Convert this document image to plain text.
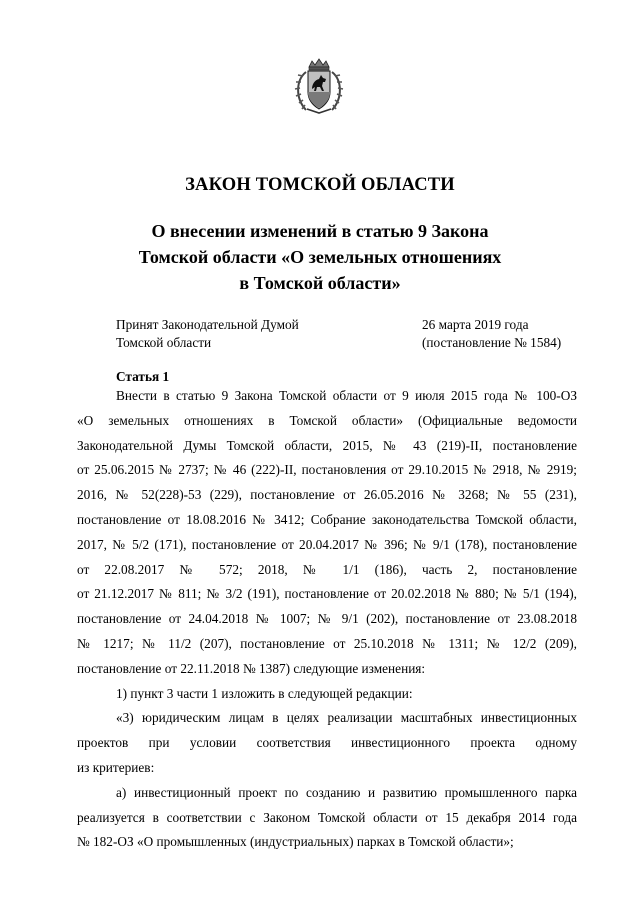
ЗАКОН ТОМСКОЙ ОБЛАСТИ
О внесении изменений в статью 9 Закона
Томской области «О земельных отношениях
в Томской области»
Принят Законодательной Думой
Томской области
26 марта 2019 года
(постановление № 1584)
Статья 1
Внести в статью 9 Закона Томской области от 9 июля 2015 года № 100-ОЗ
«О земельных отношениях в Томской области» (Официальные ведомости
Законодательной Думы Томской области, 2015, № 43 (219)-II, постановление
от 25.06.2015 № 2737; № 46 (222)-II, постановления от 29.10.2015 № 2918, № 2919;
2016, № 52(228)-53 (229), постановление от 26.05.2016 № 3268; № 55 (231),
постановление от 18.08.2016 № 3412; Собрание законодательства Томской области,
2017, № 5/2 (171), постановление от 20.04.2017 № 396; № 9/1 (178), постановление
от 22.08.2017 № 572; 2018, № 1/1 (186), часть 2, постановление
от 21.12.2017 № 811; № 3/2 (191), постановление от 20.02.2018 № 880; № 5/1 (194),
постановление от 24.04.2018 № 1007; № 9/1 (202), постановление от 23.08.2018
№ 1217; № 11/2 (207), постановление от 25.10.2018 № 1311; № 12/2 (209),
постановление от 22.11.2018 № 1387) следующие изменения:
1) пункт 3 части 1 изложить в следующей редакции:
«3) юридическим лицам в целях реализации масштабных инвестиционных
проектов при условии соответствия инвестиционного проекта одному
из критериев:
а) инвестиционный проект по созданию и развитию промышленного парка
реализуется в соответствии с Законом Томской области от 15 декабря 2014 года
№ 182-ОЗ «О промышленных (индустриальных) парках в Томской области»;
